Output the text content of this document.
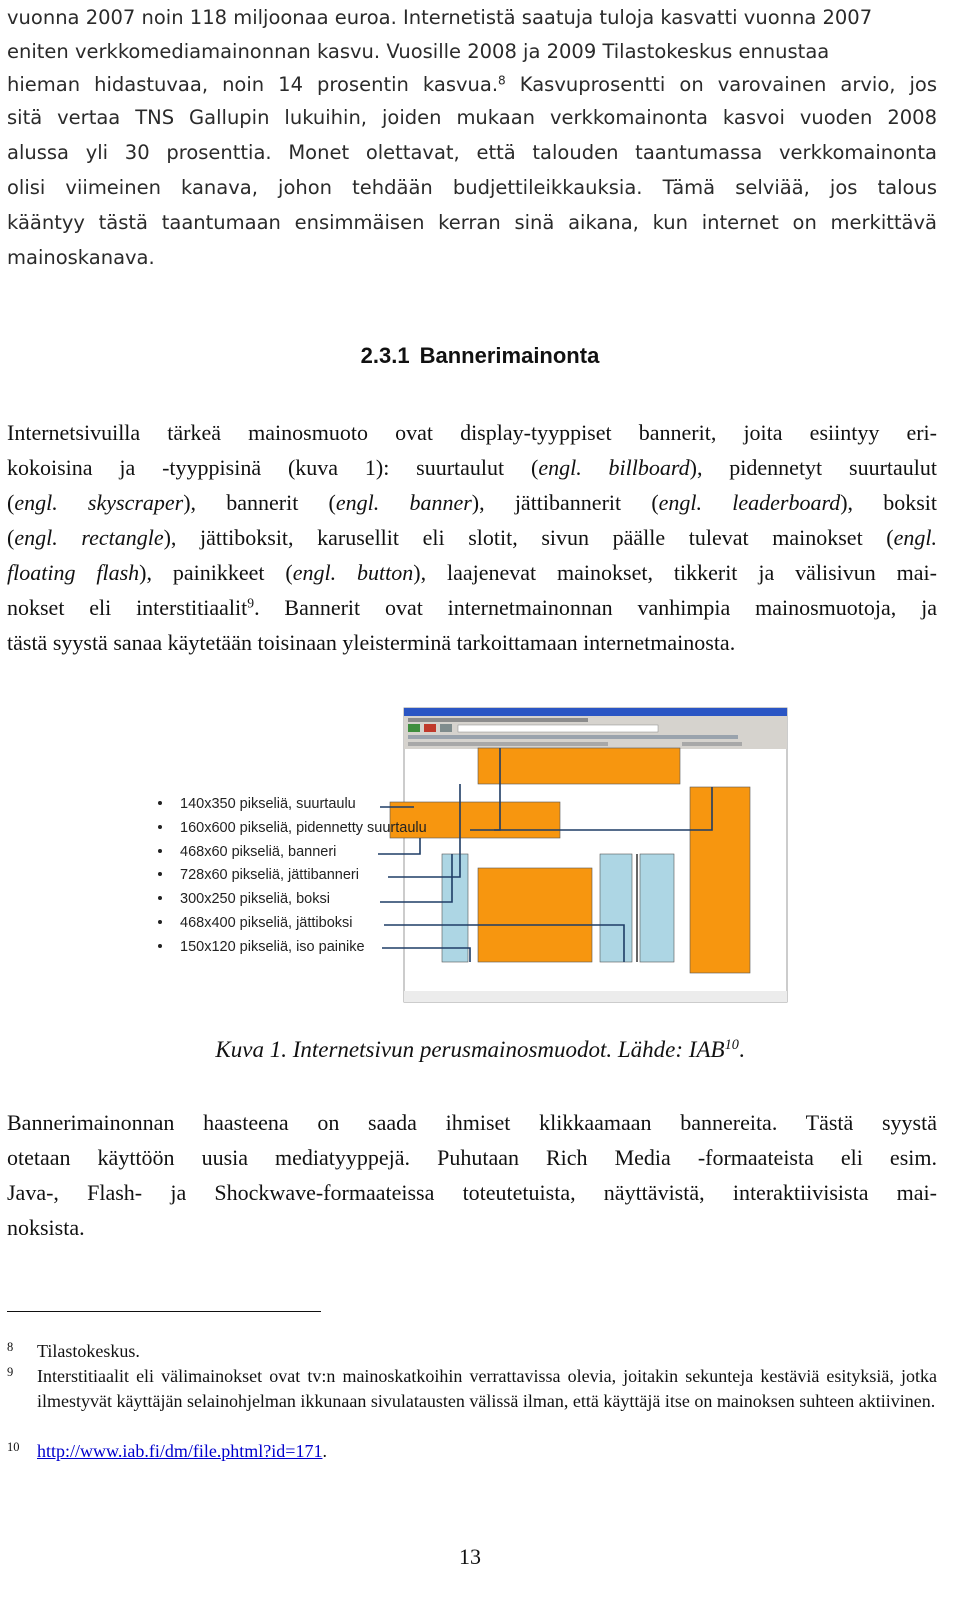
vuonna 2007 noin 118 miljoonaa euroa. Internetistä saatuja tuloja kasvatti vuonna 2007

eniten verkkomediamainonnan kasvu. Vuosille 2008 ja 2009 Tilastokeskus ennustaa

hieman hidastuvaa, noin 14 prosentin kasvua.$^8$ Kasvuprosentti on varovainen arvio, jos

sitä vertaa TNS Gallupin lukuihin, joiden mukaan verkkomainonta kasvoi vuoden 2008

alussa yli 30 prosenttia. Monet olettavat, että talouden taantumassa verkkomainonta

olisi viimeinen kanava, johon tehdään budjettileikkauksia. Tämä selviää, jos talous

kääntyy tästä taantumaan ensimmäisen kerran sinä aikana, kun internet on merkittävä

mainoskanava.

2.3.1 Bannerimainonta

Internetsivuilla tärkeä mainosmuoto ovat display-tyyppiset bannerit, joita esiintyy eri-

kokoisina ja -tyyppisinä (kuva 1): suurtaulut (engl. billboard), pidennetyt suurtaulut

(engl. skyscraper), bannerit (engl. banner), jättibannerit (engl. leaderboard), boksit

(engl. rectangle), jättiboksit, karusellit eli slotit, sivun päälle tulevat mainokset (engl.

floating flash), painikkeet (engl. button), laajenevat mainokset, tikkerit ja välisivun mai-

nokset eli interstitiaalit$^9$. Bannerit ovat internetmainonnan vanhimpia mainosmuotoja, ja

tästä syystä sanaa käytetään toisinaan yleisterminä tarkoittamaan internetmainosta.

140x350 pikseliä, suurtaulu
160x600 pikseliä, pidennetty suurtaulu
468x60 pikseliä, banneri
728x60 pikseliä, jättibanneri
300x250 pikseliä, boksi
468x400 pikseliä, jättiboksi
150x120 pikseliä, iso painike
Kuva 1. Internetsivun perusmainosmuodot. Lähde: IAB$^{10}$.

Bannerimainonnan haasteena on saada ihmiset klikkaamaan bannereita. Tästä syystä

otetaan käyttöön uusia mediatyyppejä. Puhutaan Rich Media -formaateista eli esim.

Java-, Flash- ja Shockwave-formaateissa toteutetuista, näyttävistä, interaktiivisista mai-

noksista.

8 Tilastokeskus.
9 Interstitiaalit eli välimainokset ovat tv:n mainoskatkoihin verrattavissa olevia, joitakin sekunteja kestäviä esityksiä, jotka ilmestyvät käyttäjän selainohjelman ikkunaan sivulatausten välissä ilman, että käyttäjä itse on mainoksen suhteen aktiivinen.
10 http://www.iab.fi/dm/file.phtml?id=171.
13
